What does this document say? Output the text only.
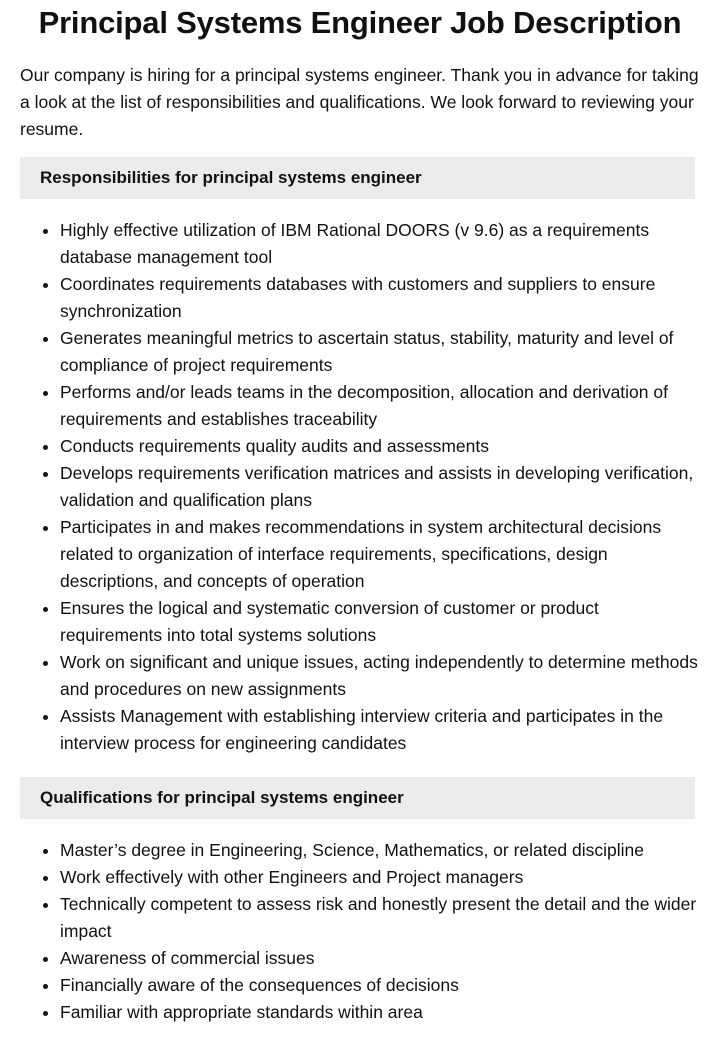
Principal Systems Engineer Job Description

Our company is hiring for a principal systems engineer. Thank you in advance for taking a look at the list of responsibilities and qualifications. We look forward to reviewing your resume.

Responsibilities for principal systems engineer
• Highly effective utilization of IBM Rational DOORS (v 9.6) as a requirements database management tool
• Coordinates requirements databases with customers and suppliers to ensure synchronization
• Generates meaningful metrics to ascertain status, stability, maturity and level of compliance of project requirements
• Performs and/or leads teams in the decomposition, allocation and derivation of requirements and establishes traceability
• Conducts requirements quality audits and assessments
• Develops requirements verification matrices and assists in developing verification, validation and qualification plans
• Participates in and makes recommendations in system architectural decisions related to organization of interface requirements, specifications, design descriptions, and concepts of operation
• Ensures the logical and systematic conversion of customer or product requirements into total systems solutions
• Work on significant and unique issues, acting independently to determine methods and procedures on new assignments
• Assists Management with establishing interview criteria and participates in the interview process for engineering candidates
Qualifications for principal systems engineer
• Master’s degree in Engineering, Science, Mathematics, or related discipline
• Work effectively with other Engineers and Project managers
• Technically competent to assess risk and honestly present the detail and the wider impact
• Awareness of commercial issues
• Financially aware of the consequences of decisions
• Familiar with appropriate standards within area
